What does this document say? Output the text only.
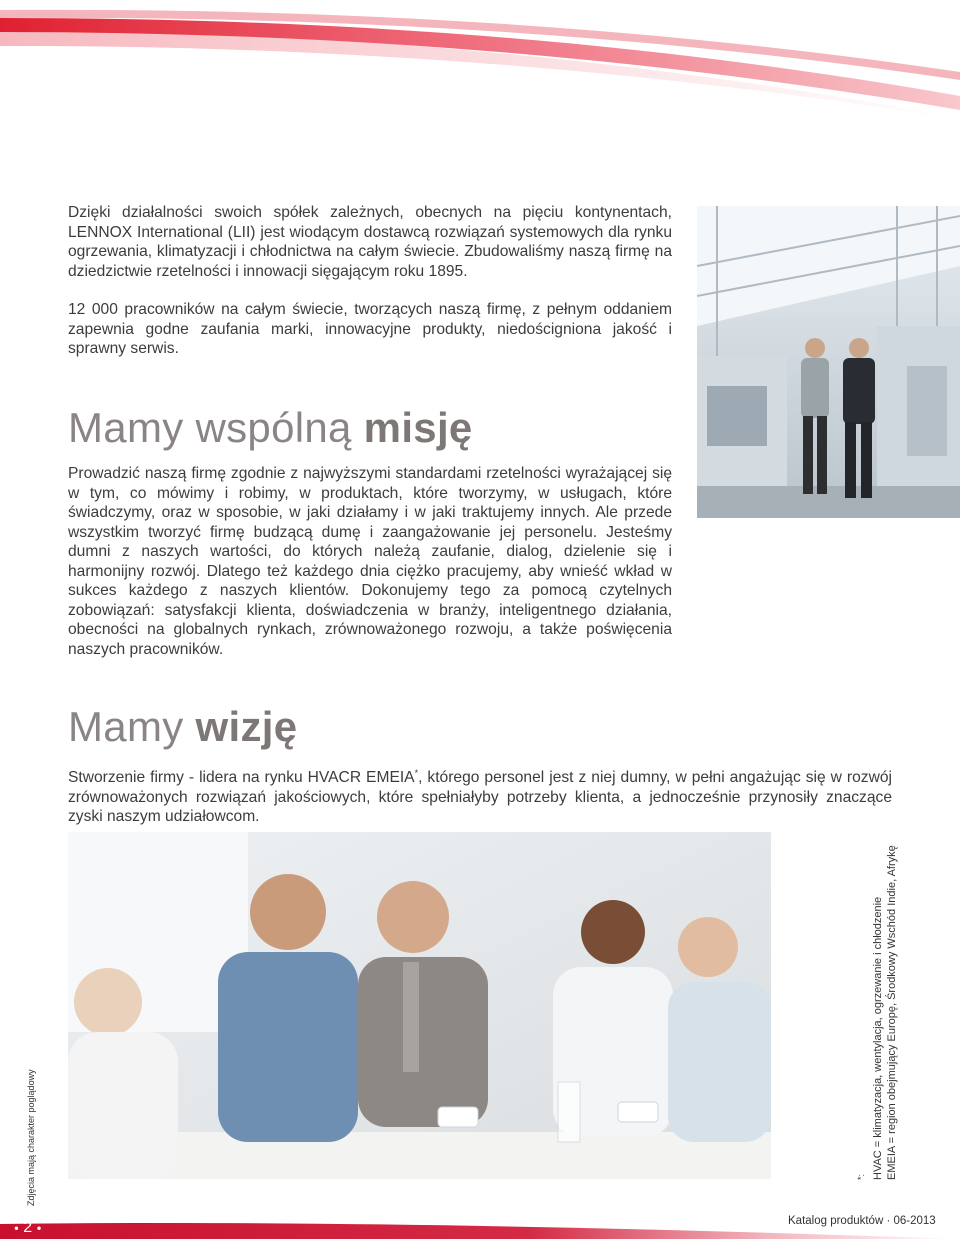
Dzięki działalności swoich spółek zależnych, obecnych na pięciu kontynentach, LENNOX International (LII) jest wiodącym dostawcą rozwiązań systemowych dla rynku ogrzewania, klimatyzacji i chłodnictwa na całym świecie. Zbudowaliśmy naszą firmę na dziedzictwie rzetelności i innowacji sięgającym roku 1895.
12 000 pracowników na całym świecie, tworzących naszą firmę, z pełnym oddaniem zapewnia godne zaufania marki, innowacyjne produkty, niedościgniona jakość i sprawny serwis.
Mamy wspólną misję
Prowadzić naszą firmę zgodnie z najwyższymi standardami rzetelności wyrażającej się w tym, co mówimy i robimy, w produktach, które tworzymy, w usługach, które świadczymy, oraz w sposobie, w jaki działamy i w jaki traktujemy innych. Ale przede wszystkim tworzyć firmę budzącą dumę i zaangażowanie jej personelu. Jesteśmy dumni z naszych wartości, do których należą zaufanie, dialog, dzielenie się i harmonijny rozwój. Dlatego też każdego dnia ciężko pracujemy, aby wnieść wkład w sukces każdego z naszych klientów. Dokonujemy tego za pomocą czytelnych zobowiązań: satysfakcji klienta, doświadczenia w branży, inteligentnego działania, obecności na globalnych rynkach, zrównoważonego rozwoju, a także poświęcenia naszych pracowników.
Mamy wizję
Stworzenie firmy - lidera na rynku HVACR EMEIA*, którego personel jest z niej dumny, w pełni angażując się w rozwój zrównoważonych rozwiązań jakościowych, które spełniałyby potrzeby klienta, a jednocześnie przynosiły znaczące zyski naszym udziałowcom.
Zdjęcia mają charakter poglądowy	*: HVAC = klimatyzacja, wentylacja, ogrzewanie i chłodzenie EMEIA = region obejmujący Europę, Środkowy Wschód Indie, Afrykę
● 2 ●
Katalog produktów · 06-2013
